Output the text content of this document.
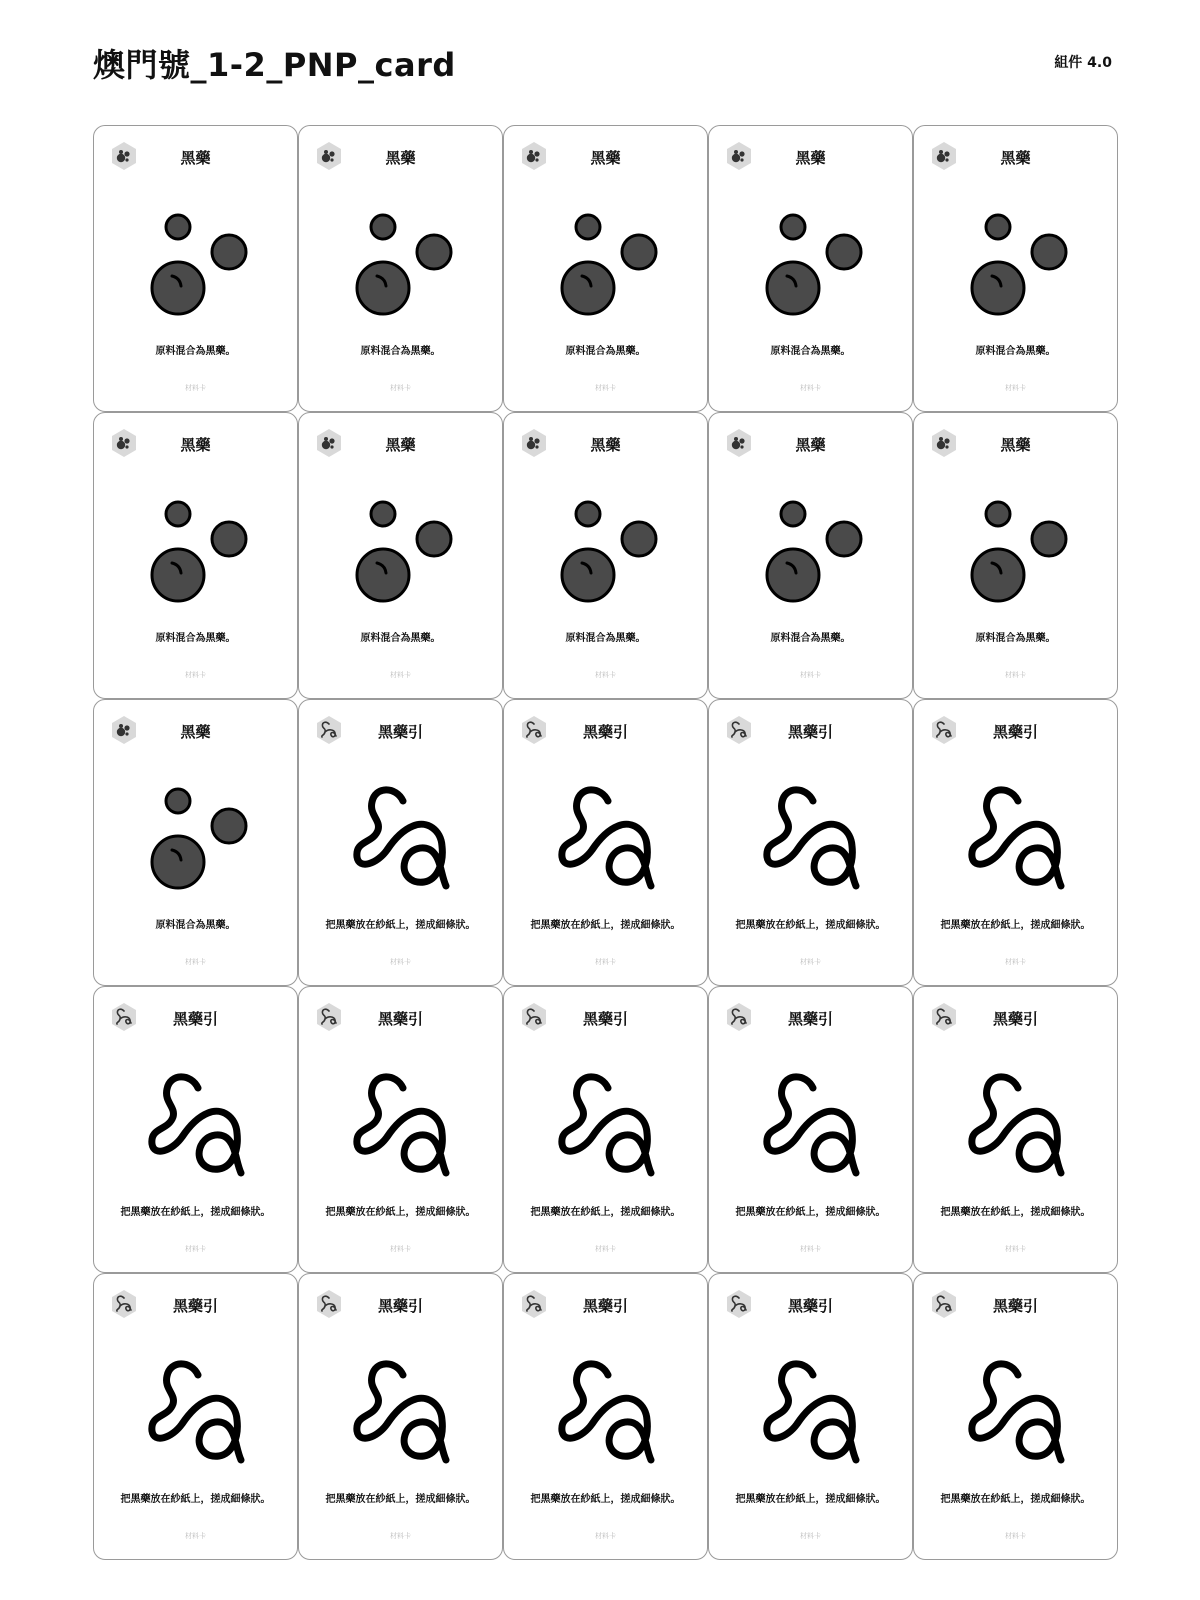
燠門號_1-2_PNP_card	組件 4.0
黑藥
原料混合為黑藥。
材料卡
黑藥
原料混合為黑藥。
材料卡
黑藥
原料混合為黑藥。
材料卡
黑藥
原料混合為黑藥。
材料卡
黑藥
原料混合為黑藥。
材料卡
黑藥
原料混合為黑藥。
材料卡
黑藥
原料混合為黑藥。
材料卡
黑藥
原料混合為黑藥。
材料卡
黑藥
原料混合為黑藥。
材料卡
黑藥
原料混合為黑藥。
材料卡
黑藥
原料混合為黑藥。
材料卡
黑藥引
把黑藥放在紗紙上，搓成細條狀。
材料卡
黑藥引
把黑藥放在紗紙上，搓成細條狀。
材料卡
黑藥引
把黑藥放在紗紙上，搓成細條狀。
材料卡
黑藥引
把黑藥放在紗紙上，搓成細條狀。
材料卡
黑藥引
把黑藥放在紗紙上，搓成細條狀。
材料卡
黑藥引
把黑藥放在紗紙上，搓成細條狀。
材料卡
黑藥引
把黑藥放在紗紙上，搓成細條狀。
材料卡
黑藥引
把黑藥放在紗紙上，搓成細條狀。
材料卡
黑藥引
把黑藥放在紗紙上，搓成細條狀。
材料卡
黑藥引
把黑藥放在紗紙上，搓成細條狀。
材料卡
黑藥引
把黑藥放在紗紙上，搓成細條狀。
材料卡
黑藥引
把黑藥放在紗紙上，搓成細條狀。
材料卡
黑藥引
把黑藥放在紗紙上，搓成細條狀。
材料卡
黑藥引
把黑藥放在紗紙上，搓成細條狀。
材料卡
